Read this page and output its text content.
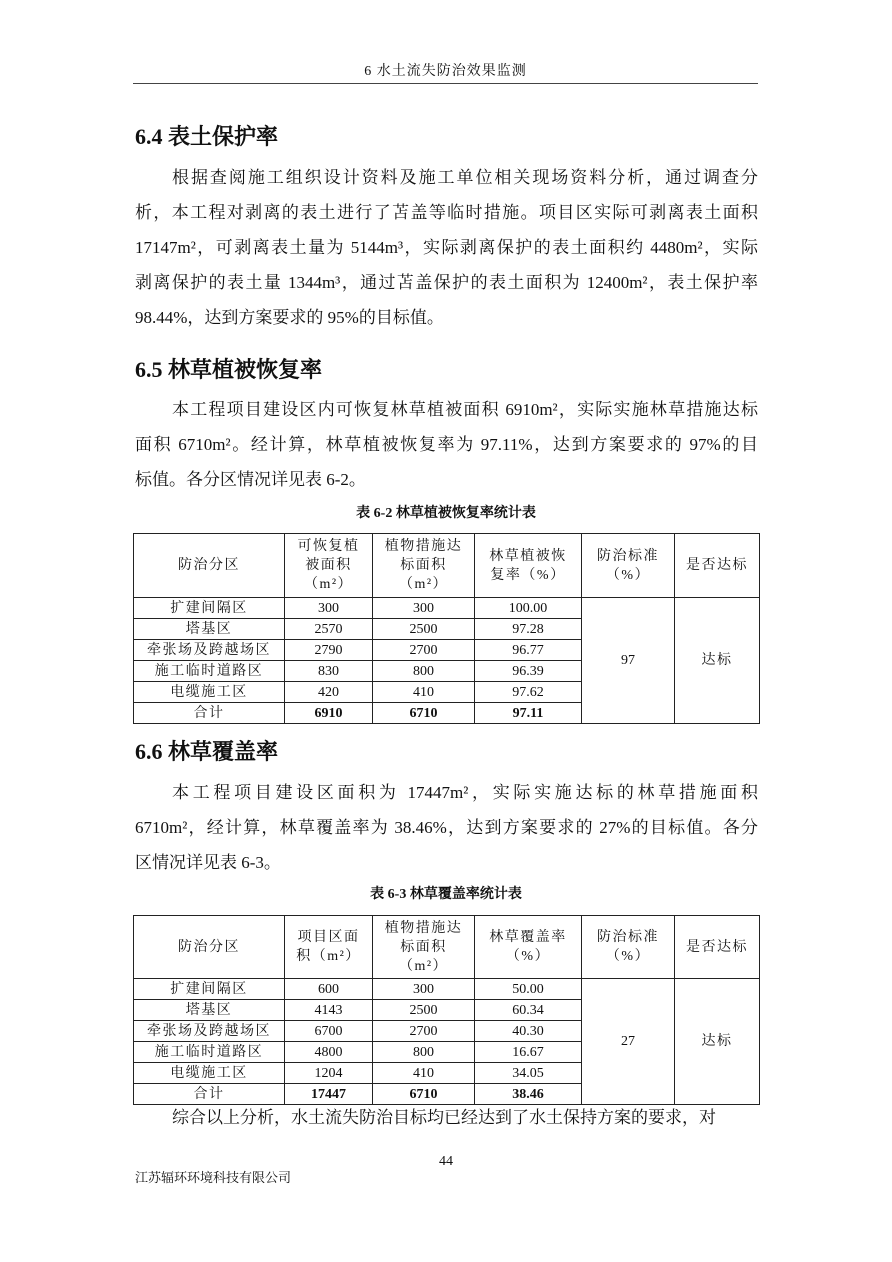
6 水土流失防治效果监测
6.4 表土保护率
根据查阅施工组织设计资料及施工单位相关现场资料分析，通过调查分
析，本工程对剥离的表土进行了苫盖等临时措施。项目区实际可剥离表土面积
17147m²，可剥离表土量为 5144m³，实际剥离保护的表土面积约 4480m²，实际
剥离保护的表土量 1344m³，通过苫盖保护的表土面积为 12400m²，表土保护率
98.44%，达到方案要求的 95%的目标值。
6.5 林草植被恢复率
本工程项目建设区内可恢复林草植被面积 6910m²，实际实施林草措施达标
面积 6710m²。经计算，林草植被恢复率为 97.11%，达到方案要求的 97%的目
标值。各分区情况详见表 6-2。
表 6-2 林草植被恢复率统计表
防治分区	可恢复植被面积（m²）	植物措施达标面积（m²）	林草植被恢复率（%）	防治标准（%）	是否达标
扩建间隔区	300	300	100.00	97	达标
塔基区	2570	2500	97.28		
牵张场及跨越场区	2790	2700	96.77		
施工临时道路区	830	800	96.39		
电缆施工区	420	410	97.62		
合计	6910	6710	97.11		
6.6 林草覆盖率
本工程项目建设区面积为 17447m²，实际实施达标的林草措施面积
6710m²，经计算，林草覆盖率为 38.46%，达到方案要求的 27%的目标值。各分
区情况详见表 6-3。
表 6-3 林草覆盖率统计表
防治分区	项目区面积（m²）	植物措施达标面积（m²）	林草覆盖率（%）	防治标准（%）	是否达标
扩建间隔区	600	300	50.00	27	达标
塔基区	4143	2500	60.34		
牵张场及跨越场区	6700	2700	40.30		
施工临时道路区	4800	800	16.67		
电缆施工区	1204	410	34.05		
合计	17447	6710	38.46		
综合以上分析，水土流失防治目标均已经达到了水土保持方案的要求，对
44
江苏辐环环境科技有限公司
